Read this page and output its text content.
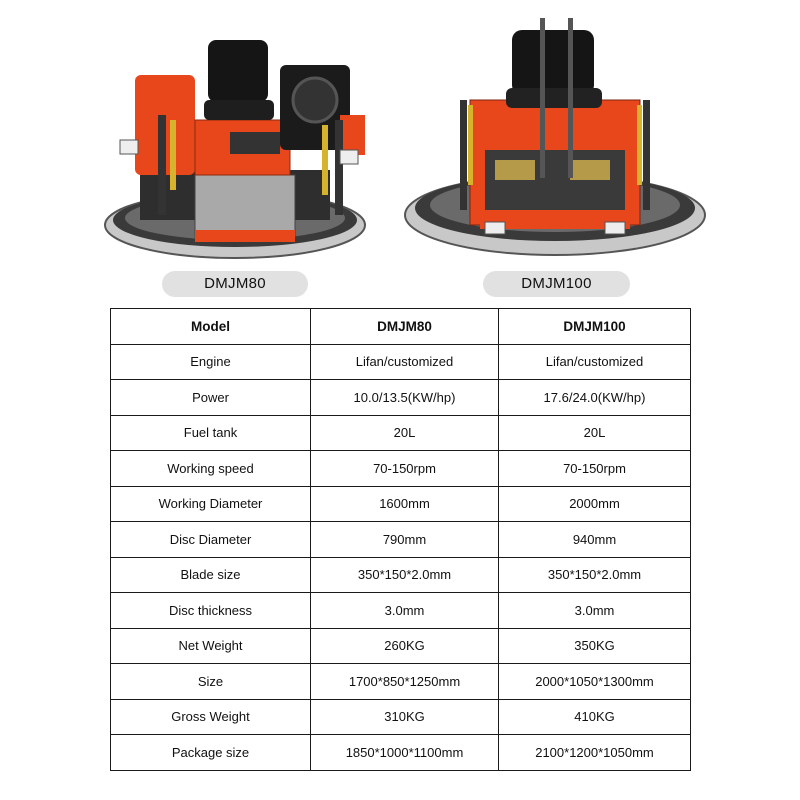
DMJM80	DMJM100
Model	DMJM80	DMJM100
Engine	Lifan/customized	Lifan/customized
Power	10.0/13.5(KW/hp)	17.6/24.0(KW/hp)
Fuel tank	20L	20L
Working speed	70-150rpm	70-150rpm
Working Diameter	1600mm	2000mm
Disc Diameter	790mm	940mm
Blade size	350*150*2.0mm	350*150*2.0mm
Disc thickness	3.0mm	3.0mm
Net Weight	260KG	350KG
Size	1700*850*1250mm	2000*1050*1300mm
Gross Weight	310KG	410KG
Package size	1850*1000*1100mm	2100*1200*1050mm
